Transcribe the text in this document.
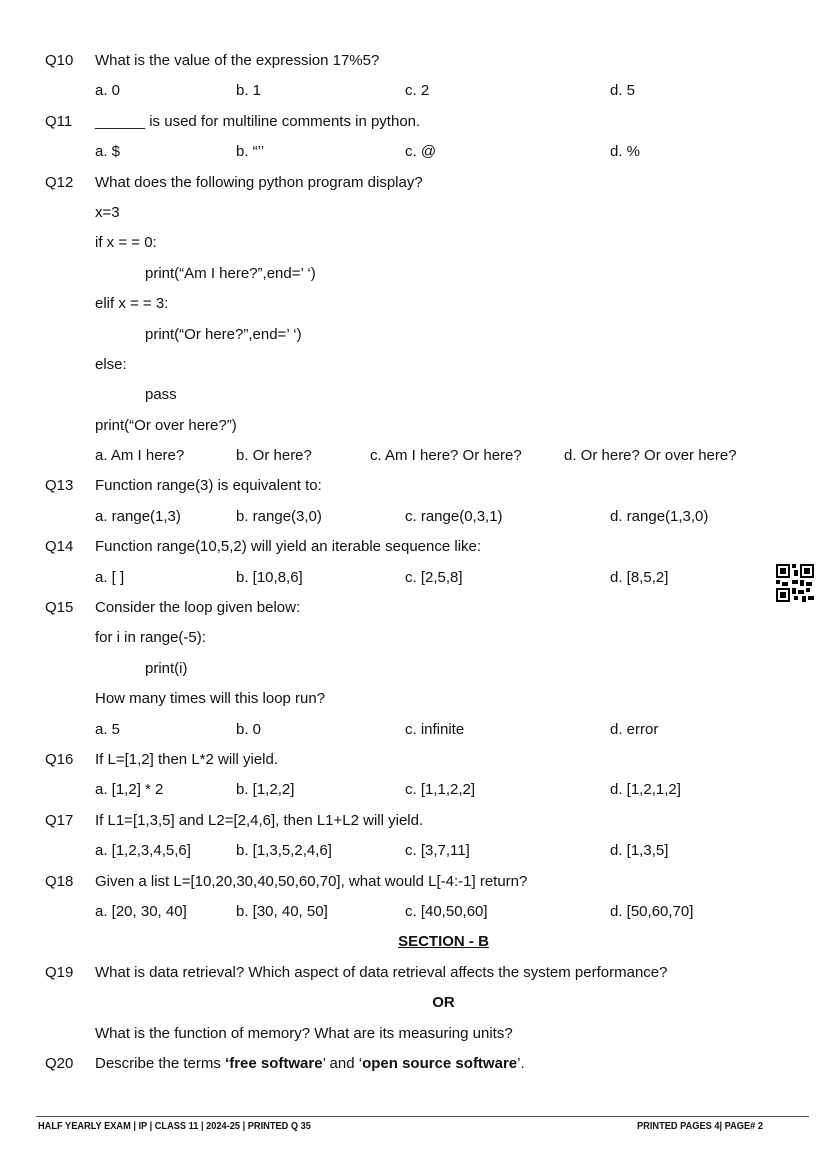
Q10 What is the value of the expression 17%5?
a. 0	b. 1	c. 2	d. 5
Q11 ______ is used for multiline comments in python.
a. $	b. “’’	c. @	d. %
Q12 What does the following python program display?
x=3
if x = = 0:
print(“Am I here?”,end=’ ‘)
elif x = = 3:
print(“Or here?”,end=’ ‘)
else:
pass
print(“Or over here?”)
a. Am I here?	b. Or here?	c. Am I here? Or here?	d. Or here? Or over here?
Q13 Function range(3) is equivalent to:
a. range(1,3)	b. range(3,0)	c. range(0,3,1)	d. range(1,3,0)
Q14 Function range(10,5,2) will yield an iterable sequence like:
a. [ ]	b. [10,8,6]	c. [2,5,8]	d. [8,5,2]
Q15 Consider the loop given below:
for i in range(-5):
print(i)
How many times will this loop run?
a. 5	b. 0	c. infinite	d. error
Q16 If L=[1,2] then L*2 will yield.
a. [1,2] * 2	b. [1,2,2]	c. [1,1,2,2]	d. [1,2,1,2]
Q17 If L1=[1,3,5] and L2=[2,4,6], then L1+L2 will yield.
a. [1,2,3,4,5,6]	b. [1,3,5,2,4,6]	c. [3,7,11]	d. [1,3,5]
Q18 Given a list L=[10,20,30,40,50,60,70], what would L[-4:-1] return?
a. [20, 30, 40]	b. [30, 40, 50]	c. [40,50,60]	d. [50,60,70]
SECTION - B
Q19 What is data retrieval? Which aspect of data retrieval affects the system performance?
OR
What is the function of memory? What are its measuring units?
Q20 Describe the terms ‘free software’ and ‘open source software’.
HALF YEARLY EXAM | IP | CLASS 11 | 2024-25 | PRINTED Q 35	PRINTED PAGES 4| PAGE# 2
